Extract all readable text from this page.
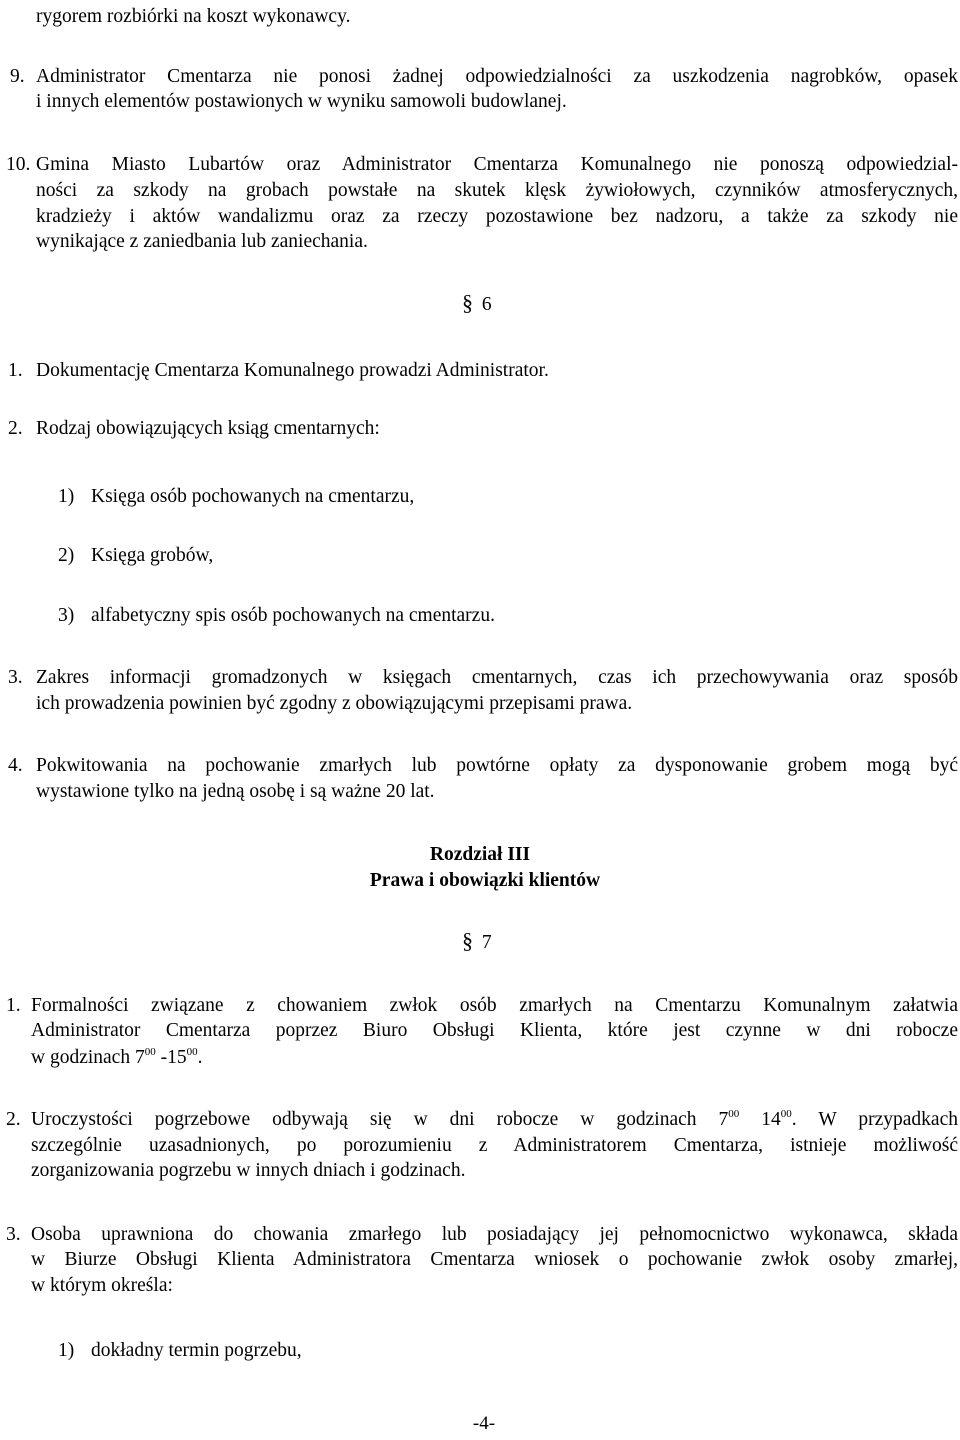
rygorem rozbiórki na koszt wykonawcy.

9. Administrator Cmentarza nie ponosi żadnej odpowiedzialności za uszkodzenia nagrobków, opasek

i innych elementów postawionych w wyniku samowoli budowlanej.

10. Gmina Miasto Lubartów oraz Administrator Cmentarza Komunalnego nie ponoszą odpowiedzial-

ności za szkody na grobach powstałe na skutek klęsk żywiołowych, czynników atmosferycznych,

kradzieży i aktów wandalizmu oraz za rzeczy pozostawione bez nadzoru, a także za szkody nie

wynikające z zaniedbania lub zaniechania.

§ 6

1. Dokumentację Cmentarza Komunalnego prowadzi Administrator.

2. Rodzaj obowiązujących ksiąg cmentarnych:

1) Księga osób pochowanych na cmentarzu,

2) Księga grobów,

3) alfabetyczny spis osób pochowanych na cmentarzu.

3. Zakres informacji gromadzonych w księgach cmentarnych, czas ich przechowywania oraz sposób

ich prowadzenia powinien być zgodny z obowiązującymi przepisami prawa.

4. Pokwitowania na pochowanie zmarłych lub powtórne opłaty za dysponowanie grobem mogą być

wystawione tylko na jedną osobę i są ważne 20 lat.

Rozdział III

Prawa i obowiązki klientów

§ 7

1. Formalności związane z chowaniem zwłok osób zmarłych na Cmentarzu Komunalnym załatwia

Administrator Cmentarza poprzez Biuro Obsługi Klienta, które jest czynne w dni robocze

w godzinach $7^{00}$ $-15^{00}$.

2. Uroczystości pogrzebowe odbywają się w dni robocze w godzinach $7^{00}$ $14^{00}$. W przypadkach

szczególnie uzasadnionych, po porozumieniu z Administratorem Cmentarza, istnieje możliwość

zorganizowania pogrzebu w innych dniach i godzinach.

3. Osoba uprawniona do chowania zmarłego lub posiadający jej pełnomocnictwo wykonawca, składa

w Biurze Obsługi Klienta Administratora Cmentarza wniosek o pochowanie zwłok osoby zmarłej,

w którym określa:

1) dokładny termin pogrzebu,

-4-
